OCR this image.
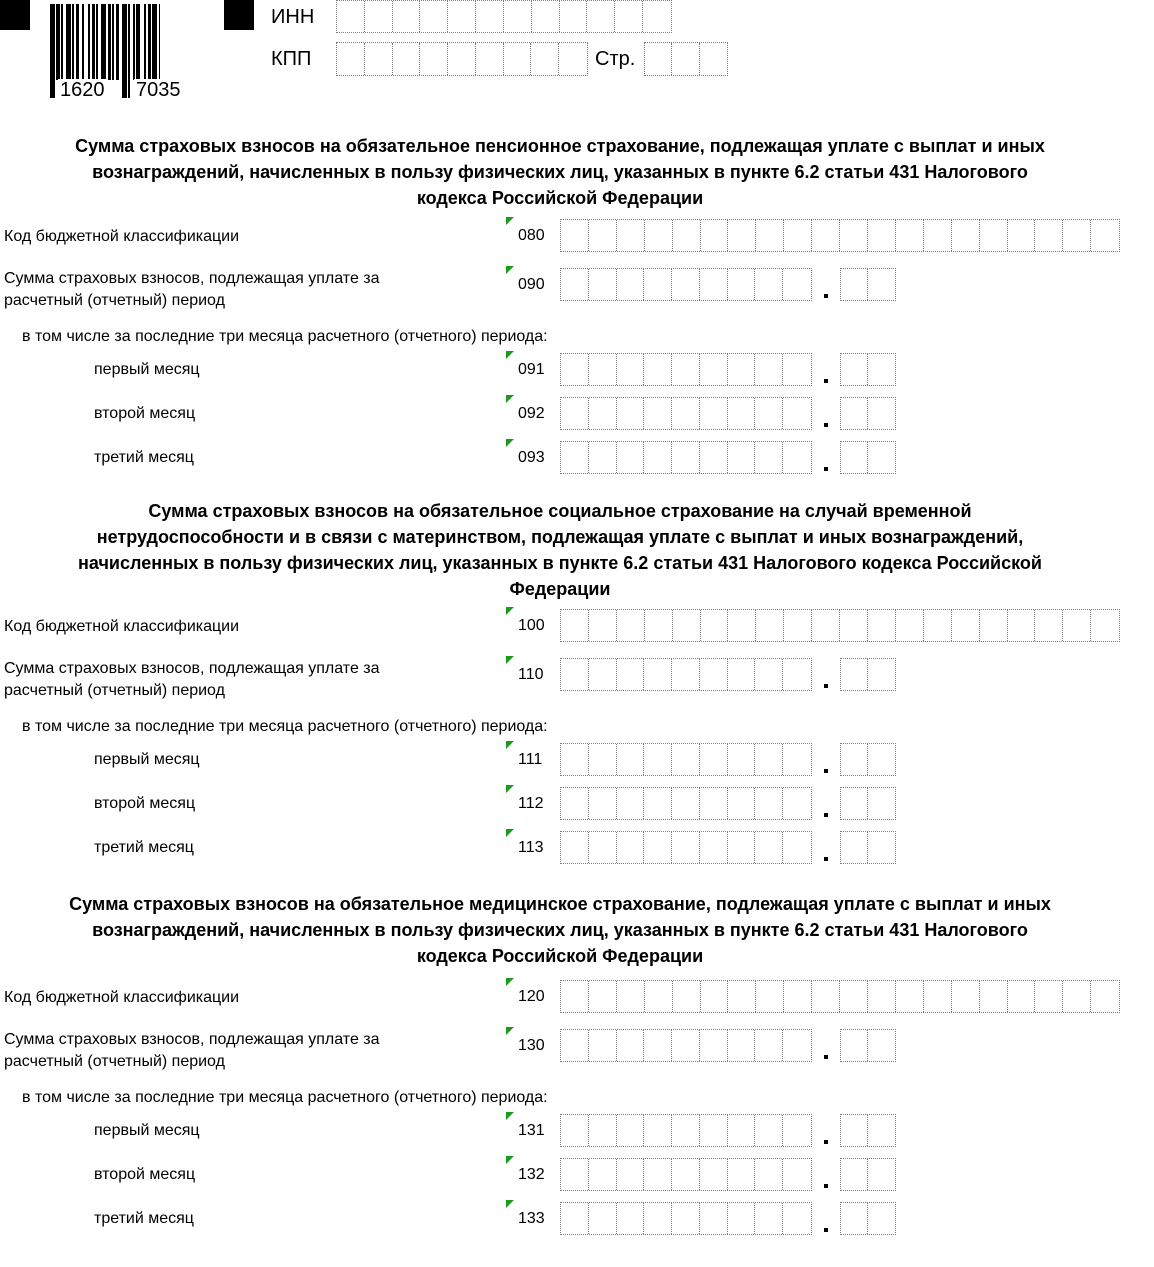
1620 7035
ИНН
КПП	Стр.
Сумма страховых взносов на обязательное пенсионное страхование, подлежащая уплате с выплат и иных
вознаграждений, начисленных в пользу физических лиц, указанных в пункте 6.2 статьи 431 Налогового
кодекса Российской Федерации
Код бюджетной классификации	080
Сумма страховых взносов, подлежащая уплате за
расчетный (отчетный) период
090
в том числе за последние три месяца расчетного (отчетного) периода:
первый месяц	091
второй месяц	092
третий месяц	093
Сумма страховых взносов на обязательное социальное страхование на случай временной
нетрудоспособности и в связи с материнством, подлежащая уплате с выплат и иных вознаграждений,
начисленных в пользу физических лиц, указанных в пункте 6.2 статьи 431 Налогового кодекса Российской
Федерации
Код бюджетной классификации	100
Сумма страховых взносов, подлежащая уплате за
расчетный (отчетный) период
110
в том числе за последние три месяца расчетного (отчетного) периода:
первый месяц	111
второй месяц	112
третий месяц	113
Сумма страховых взносов на обязательное медицинское страхование, подлежащая уплате с выплат и иных
вознаграждений, начисленных в пользу физических лиц, указанных в пункте 6.2 статьи 431 Налогового
кодекса Российской Федерации
Код бюджетной классификации	120
Сумма страховых взносов, подлежащая уплате за
расчетный (отчетный) период
130
в том числе за последние три месяца расчетного (отчетного) периода:
первый месяц	131
второй месяц	132
третий месяц	133
